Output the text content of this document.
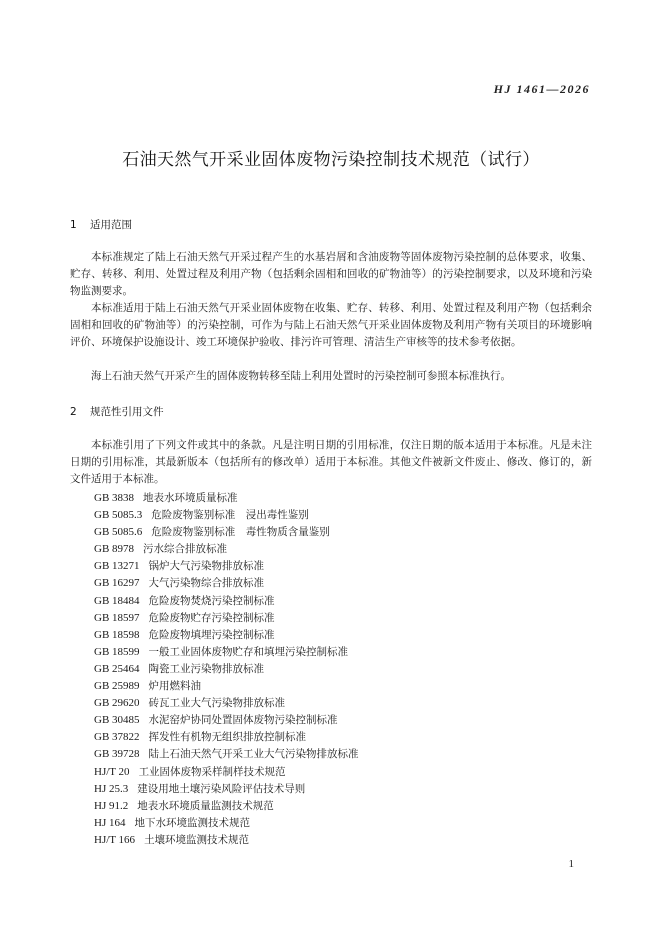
HJ 1461—2026
石油天然气开采业固体废物污染控制技术规范（试行）
1 适用范围

本标准规定了陆上石油天然气开采过程产生的水基岩屑和含油废物等固体废物污染控制的总体要求，收集、贮存、转移、利用、处置过程及利用产物（包括剩余固相和回收的矿物油等）的污染控制要求，以及环境和污染物监测要求。

本标准适用于陆上石油天然气开采业固体废物在收集、贮存、转移、利用、处置过程及利用产物（包括剩余固相和回收的矿物油等）的污染控制，可作为与陆上石油天然气开采业固体废物及利用产物有关项目的环境影响评价、环境保护设施设计、竣工环境保护验收、排污许可管理、清洁生产审核等的技术参考依据。

海上石油天然气开采产生的固体废物转移至陆上利用处置时的污染控制可参照本标准执行。

2 规范性引用文件

本标准引用了下列文件或其中的条款。凡是注明日期的引用标准，仅注日期的版本适用于本标准。凡是未注日期的引用标准，其最新版本（包括所有的修改单）适用于本标准。其他文件被新文件废止、修改、修订的，新文件适用于本标准。

GB 3838 地表水环境质量标准
GB 5085.3 危险废物鉴别标准　浸出毒性鉴别
GB 5085.6 危险废物鉴别标准　毒性物质含量鉴别
GB 8978 污水综合排放标准
GB 13271 锅炉大气污染物排放标准
GB 16297 大气污染物综合排放标准
GB 18484 危险废物焚烧污染控制标准
GB 18597 危险废物贮存污染控制标准
GB 18598 危险废物填埋污染控制标准
GB 18599 一般工业固体废物贮存和填埋污染控制标准
GB 25464 陶瓷工业污染物排放标准
GB 25989 炉用燃料油
GB 29620 砖瓦工业大气污染物排放标准
GB 30485 水泥窑炉协同处置固体废物污染控制标准
GB 37822 挥发性有机物无组织排放控制标准
GB 39728 陆上石油天然气开采工业大气污染物排放标准
HJ/T 20 工业固体废物采样制样技术规范
HJ 25.3 建设用地土壤污染风险评估技术导则
HJ 91.2 地表水环境质量监测技术规范
HJ 164 地下水环境监测技术规范
HJ/T 166 土壤环境监测技术规范
1
